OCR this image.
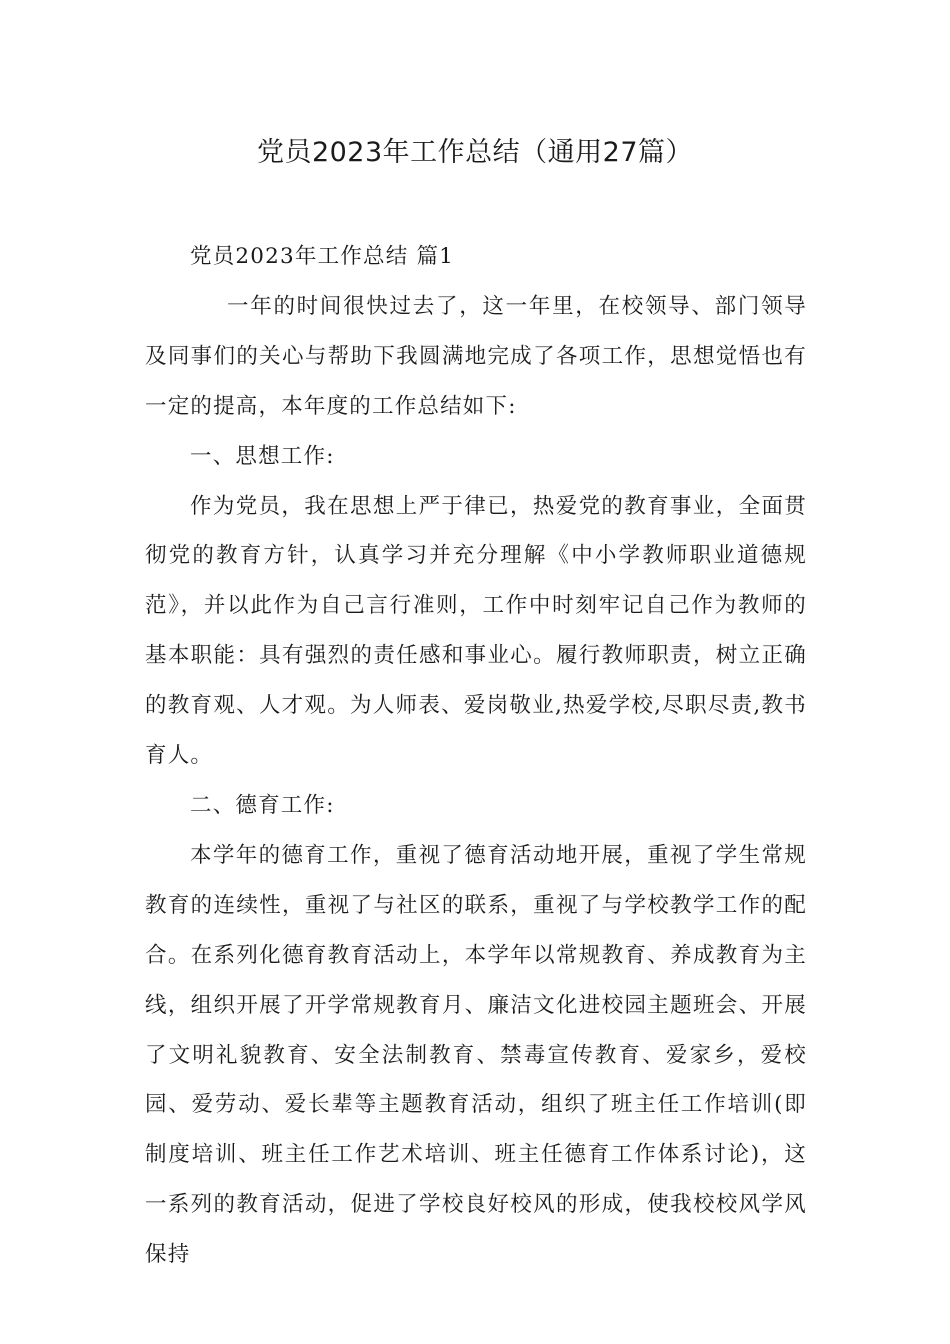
党员2023年工作总结（通用27篇）

党员2023年工作总结 篇1

一年的时间很快过去了，这一年里，在校领导、部门领导及同事们的关心与帮助下我圆满地完成了各项工作，思想觉悟也有一定的提高，本年度的工作总结如下:

一、思想工作:

作为党员，我在思想上严于律已，热爱党的教育事业，全面贯彻党的教育方针，认真学习并充分理解《中小学教师职业道德规范》，并以此作为自己言行准则，工作中时刻牢记自己作为教师的基本职能：具有强烈的责任感和事业心。履行教师职责，树立正确的教育观、人才观。为人师表、爱岗敬业,热爱学校,尽职尽责,教书育人。

二、德育工作:

本学年的德育工作，重视了德育活动地开展，重视了学生常规教育的连续性，重视了与社区的联系，重视了与学校教学工作的配合。在系列化德育教育活动上，本学年以常规教育、养成教育为主线，组织开展了开学常规教育月、廉洁文化进校园主题班会、开展了文明礼貌教育、安全法制教育、禁毒宣传教育、爱家乡，爱校园、爱劳动、爱长辈等主题教育活动，组织了班主任工作培训(即制度培训、班主任工作艺术培训、班主任德育工作体系讨论)，这一系列的教育活动，促进了学校良好校风的形成，使我校校风学风保持
